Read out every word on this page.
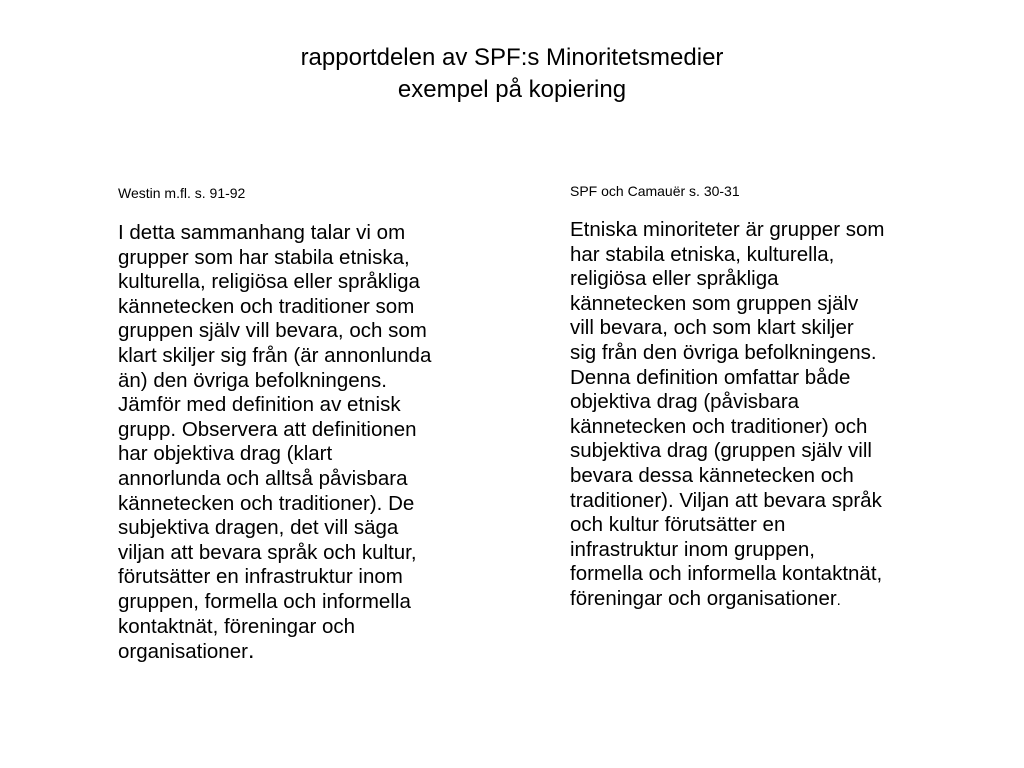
rapportdelen av SPF:s Minoritetsmedier
exempel på kopiering

Westin m.fl. s. 91-92

I detta sammanhang talar vi om
grupper som har stabila etniska,
kulturella, religiösa eller språkliga
kännetecken och traditioner som
gruppen själv vill bevara, och som
klart skiljer sig från (är annonlunda
än) den övriga befolkningens.
Jämför med definition av etnisk
grupp. Observera att definitionen
har objektiva drag (klart
annorlunda och alltså påvisbara
kännetecken och traditioner). De
subjektiva dragen, det vill säga
viljan att bevara språk och kultur,
förutsätter en infrastruktur inom
gruppen, formella och informella
kontaktnät, föreningar och
organisationer.

SPF och Camauër s. 30-31

Etniska minoriteter är grupper som
har stabila etniska, kulturella,
religiösa eller språkliga
kännetecken som gruppen själv
vill bevara, och som klart skiljer
sig från den övriga befolkningens.
Denna definition omfattar både
objektiva drag (påvisbara
kännetecken och traditioner) och
subjektiva drag (gruppen själv vill
bevara dessa kännetecken och
traditioner). Viljan att bevara språk
och kultur förutsätter en
infrastruktur inom gruppen,
formella och informella kontaktnät,
föreningar och organisationer.
